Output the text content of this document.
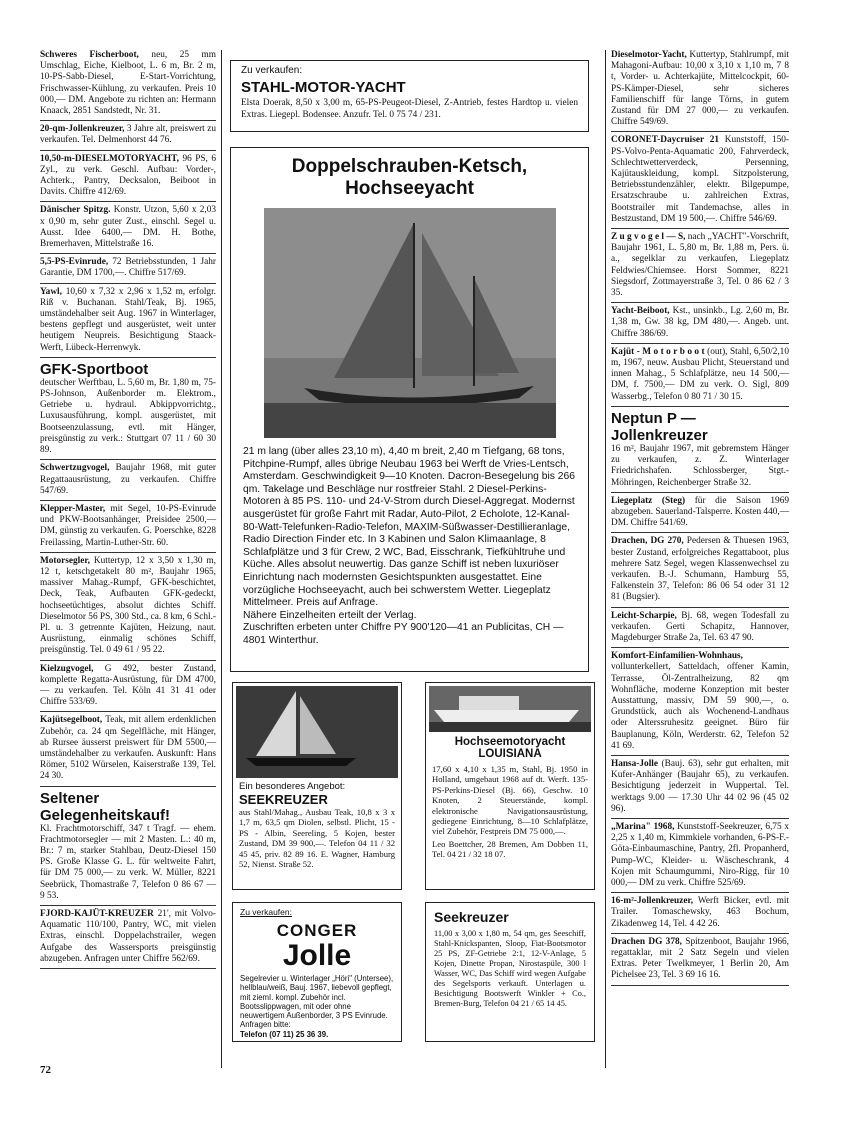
Schweres Fischerboot, neu, 25 mm Umschlag, Eiche, Kielboot, L. 6 m, Br. 2 m, 10-PS-Sabb-Diesel, E-Start-Vorrichtung, Frischwasser-Kühlung, zu verkaufen. Preis 10 000,— DM. Angebote zu richten an: Hermann Knaack, 2851 Sandstedt, Nr. 31.
20-qm-Jollenkreuzer, 3 Jahre alt, preiswert zu verkaufen. Tel. Delmenhorst 44 76.
10,50-m-DIESELMOTORYACHT, 96 PS, 6 Zyl., zu verk. Geschl. Aufbau: Vorder-, Achterk., Pantry, Decksalon, Beiboot in Davits. Chiffre 412/69.
Dänischer Spitzg. Konstr. Utzon, 5,60 x 2,03 x 0,90 m, sehr guter Zust., einschl. Segel u. Ausst. Idee 6400,— DM. H. Bothe, Bremerhaven, Mittelstraße 16.
5,5-PS-Evinrude, 72 Betriebsstunden, 1 Jahr Garantie, DM 1700,—. Chiffre 517/69.
Yawl, 10,60 x 7,32 x 2,96 x 1,52 m, erfolgr. Riß v. Buchanan. Stahl/Teak, Bj. 1965, umständehalber seit Aug. 1967 in Winterlager, bestens gepflegt und ausgerüstet, weit unter heutigem Neupreis. Besichtigung Staack-Werft, Lübeck-Herrenwyk.
GFK-Sportboot
deutscher Werftbau, L. 5,60 m, Br. 1,80 m, 75-PS-Johnson, Außenborder m. Elektrom., Getriebe u. hydraul. Abkippvorrichtg., Luxusausführung, kompl. ausgerüstet, mit Bootseenzulassung, evtl. mit Hänger, preisgünstig zu verk.: Stuttgart 07 11 / 60 30 89.
Schwertzugvogel, Baujahr 1968, mit guter Regattaausrüstung, zu verkaufen. Chiffre 547/69.
Klepper-Master, mit Segel, 10-PS-Evinrude und PKW-Bootsanhänger, Preisidee 2500,— DM, günstig zu verkaufen. G. Poerschke, 8228 Freilassing, Martin-Luther-Str. 60.
Motorsegler, Kuttertyp, 12 x 3,50 x 1,30 m, 12 t, ketschgetakelt 80 m², Baujahr 1965, massiver Mahag.-Rumpf, GFK-beschichtet, Deck, Teak, Aufbauten GFK-gedeckt, hochseetüchtiges, absolut dichtes Schiff. Dieselmotor 56 PS, 300 Std., ca. 8 km, 6 Schl.-Pl. u. 3 getrennte Kajüten, Heizung, naut. Ausrüstung, einmalig schönes Schiff, preisgünstig. Tel. 0 49 61 / 95 22.
Kielzugvogel, G 492, bester Zustand, komplette Regatta-Ausrüstung, für DM 4700,— zu verkaufen. Tel. Köln 41 31 41 oder Chiffre 533/69.
Kajütsegelboot, Teak, mit allem erdenklichen Zubehör, ca. 24 qm Segelfläche, mit Hänger, ab Rursee äusserst preiswert für DM 5500,— umständehalber zu verkaufen. Auskunft: Hans Römer, 5102 Würselen, Kaiserstraße 139, Tel. 24 30.
Seltener Gelegenheitskauf!
Kl. Frachtmotorschiff, 347 t Tragf. — ehem. Frachtmotorsegler — mit 2 Masten. L.: 40 m, Br.: 7 m, starker Stahlbau, Deutz-Diesel 150 PS. Große Klasse G. L. für weltweite Fahrt, für DM 75 000,— zu verk. W. Müller, 8221 Seebrück, Thomastraße 7, Telefon 0 86 67 — 9 53.
FJORD-KAJÜT-KREUZER 21', mit Volvo-Aquamatic 110/100, Pantry, WC, mit vielen Extras, einschl. Doppelachstrailer, wegen Aufgabe des Wassersports preisgünstig abzugeben. Anfragen unter Chiffre 562/69.
Dieselmotor-Yacht, Kuttertyp, Stahlrumpf, mit Mahagoni-Aufbau: 10,00 x 3,10 x 1,10 m, 7 8 t, Vorder- u. Achterkajüte, Mittelcockpit, 60-PS-Kämper-Diesel, sehr sicheres Familienschiff für lange Törns, in gutem Zustand für DM 27 000,— zu verkaufen. Chiffre 549/69.
CORONET-Daycruiser 21 Kunststoff, 150-PS-Volvo-Penta-Aquamatic 200, Fahrverdeck, Schlechtwetterverdeck, Persenning, Kajütauskleidung, kompl. Sitzpolsterung, Betriebsstundenzähler, elektr. Bilgepumpe, Ersatzschraube u. zahlreichen Extras, Bootstrailer mit Tandemachse, alles in Bestzustand, DM 19 500,—. Chiffre 546/69.
Z u g v o g e l — S, nach „YACHT"-Vorschrift, Baujahr 1961, L. 5,80 m, Br. 1,88 m, Pers. ü. a., segelklar zu verkaufen, Liegeplatz Feldwies/Chiemsee. Horst Sommer, 8221 Siegsdorf, Zottmayerstraße 3, Tel. 0 86 62 / 3 35.
Yacht-Beiboot, Kst., unsinkb., Lg. 2,60 m, Br. 1,38 m, Gw. 38 kg, DM 480,—. Angeb. unt. Chiffre 386/69.
Kajüt - M o t o r b o o t (out), Stahl, 6,50/2,10 m, 1967, neuw. Ausbau Plicht, Steuerstand und innen Mahag., 5 Schlafplätze, neu 14 500,— DM, f. 7500,— DM zu verk. O. Sigl, 809 Wasserbg., Telefon 0 80 71 / 30 15.
Neptun P — Jollenkreuzer
16 m², Baujahr 1967, mit gebremstem Hänger zu verkaufen, z. Z. Winterlager Friedrichshafen. Schlossberger, Stgt.-Möhringen, Reichenberger Straße 32.
Liegeplatz (Steg) für die Saison 1969 abzugeben. Sauerland-Talsperre. Kosten 440,— DM. Chiffre 541/69.
Drachen, DG 270, Pedersen & Thuesen 1963, bester Zustand, erfolgreiches Regattaboot, plus mehrere Satz Segel, wegen Klassenwechsel zu verkaufen. B.-J. Schumann, Hamburg 55, Falkenstein 37, Telefon: 86 06 54 oder 31 12 81 (Bugsier).
Leicht-Scharpie, Bj. 68, wegen Todesfall zu verkaufen. Gerti Schapitz, Hannover, Magdeburger Straße 2a, Tel. 63 47 90.
Komfort-Einfamilien-Wohnhaus, vollunterkellert, Satteldach, offener Kamin, Terrasse, Öl-Zentralheizung, 82 qm Wohnfläche, moderne Konzeption mit bester Ausstattung, massiv, DM 59 900,—, o. Grundstück, auch als Wochenend-Landhaus oder Alterssruhesitz geeignet. Büro für Bauplanung, Köln, Werderstr. 62, Telefon 52 41 69.
Hansa-Jolle (Bauj. 63), sehr gut erhalten, mit Kufer-Anhänger (Baujahr 65), zu verkaufen. Besichtigung jederzeit in Wuppertal. Tel. werktags 9.00 — 17.30 Uhr 44 02 96 (45 02 96).
„Marina" 1968, Kunststoff-Seekreuzer, 6,75 x 2,25 x 1,40 m, Kimmkiele vorhanden, 6-PS-F.-Göta-Einbaumaschine, Pantry, 2fl. Propanherd, Pump-WC, Kleider- u. Wäscheschrank, 4 Kojen mit Schaumgummi, Niro-Rigg, für 10 000,— DM zu verk. Chiffre 525/69.
16-m²-Jollenkreuzer, Werft Bicker, evtl. mit Trailer. Tomaschewsky, 463 Bochum, Zikadenweg 14, Tel. 4 42 26.
Drachen DG 378, Spitzenboot, Baujahr 1966, regattaklar, mit 2 Satz Segeln und vielen Extras. Peter Twelkmeyer, 1 Berlin 20, Am Pichelsee 23, Tel. 3 69 16 16.
Zu verkaufen:
STAHL-MOTOR-YACHT
Elsta Doerak, 8,50 x 3,00 m, 65-PS-Peugeot-Diesel, Z-Antrieb, festes Hardtop u. vielen Extras. Liegepl. Bodensee. Anzufr. Tel. 0 75 74 / 231.
Doppelschrauben-Ketsch,
Hochseeyacht
21 m lang (über alles 23,10 m), 4,40 m breit, 2,40 m Tiefgang, 68 tons, Pitchpine-Rumpf, alles übrige Neubau 1963 bei Werft de Vries-Lentsch, Amsterdam. Geschwindigkeit 9—10 Knoten. Dacron-Besegelung bis 266 qm. Takelage und Beschläge nur rostfreier Stahl. 2 Diesel-Perkins-Motoren à 85 PS. 110- und 24-V-Strom durch Diesel-Aggregat. Modernst ausgerüstet für große Fahrt mit Radar, Auto-Pilot, 2 Echolote, 12-Kanal-80-Watt-Telefunken-Radio-Telefon, MAXIM-Süßwasser-Destillieranlage, Radio Direction Finder etc. In 3 Kabinen und Salon Klimaanlage, 8 Schlafplätze und 3 für Crew, 2 WC, Bad, Eisschrank, Tiefkühltruhe und Küche. Alles absolut neuwertig. Das ganze Schiff ist neben luxuriöser Einrichtung nach modernsten Gesichtspunkten ausgestattet. Eine vorzügliche Hochseeyacht, auch bei schwerstem Wetter. Liegeplatz Mittelmeer. Preis auf Anfrage.
Nähere Einzelheiten erteilt der Verlag.
Zuschriften erbeten unter Chiffre PY 900'120—41 an Publicitas, CH — 4801 Winterthur.
Ein besonderes Angebot:
SEEKREUZER
aus Stahl/Mahag., Ausbau Teak, 10,8 x 3 x 1,7 m, 63,5 qm Diolen, selbstl. Plicht, 15 - PS - Albin, Seereling, 5 Kojen, bester Zustand, DM 39 900,—. Telefon 04 11 / 32 45 45, priv. 82 89 16. E. Wagner, Hamburg 52, Nienst. Straße 52.
Hochseemotoryacht
LOUISIANA
17,60 x 4,10 x 1,35 m, Stahl, Bj. 1950 in Holland, umgebaut 1968 auf dt. Werft. 135-PS-Perkins-Diesel (Bj. 66), Geschw. 10 Knoten, 2 Steuerstände, kompl. elektronische Navigationsausrüstung, gediegene Einrichtung, 8—10 Schlafplätze, viel Zubehör, Festpreis DM 75 000,—.
Leo Boettcher, 28 Bremen, Am Dobben 11, Tel. 04 21 / 32 18 07.
Zu verkaufen:
CONGER
Jolle
Segelrevier u. Winterlager „Höri" (Untersee), hellblau/weiß, Bauj. 1967, liebevoll gepflegt, mit ziemI. kompl. Zubehör incl. Bootsslippwagen, mit oder ohne neuwertigem Außenborder, 3 PS Evinrude. Anfragen bitte:
Telefon (07 11) 25 36 39.
Seekreuzer
11,00 x 3,00 x 1,80 m, 54 qm, ges Seeschiff, Stahl-Knickspanten, Sloop, Fiat-Bootsmotor 25 PS, ZF-Getriebe 2:1, 12-V-Anlage, 5 Kojen, Dinette Propan, Nirostaspüle, 300 l Wasser, WC, Das Schiff wird wegen Aufgabe des Segelsports verkauft. Unterlagen u. Besichtigung Bootswerft Winkler + Co., Bremen-Burg, Telefon 04 21 / 65 14 45.
72
